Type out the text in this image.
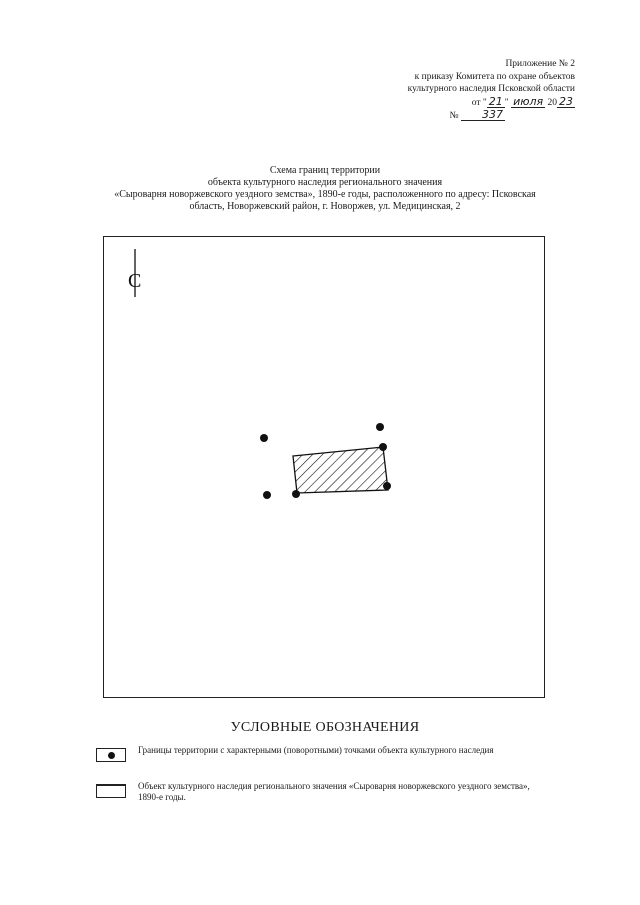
Приложение № 2
к приказу Комитета по охране объектов
культурного наследия Псковской области
от " 21 " июля 20 23
№ 337
Схема границ территории
объекта культурного наследия регионального значения
«Сыроварня новоржевского уездного земства», 1890-е годы, расположенного по адресу: Псковская
область, Новоржевский район, г. Новоржев, ул. Медицинская, 2
С
УСЛОВНЫЕ ОБОЗНАЧЕНИЯ
Границы территории с характерными (поворотными) точками объекта культурного наследия
Объект культурного наследия регионального значения «Сыроварня новоржевского уездного земства», 1890-е годы.
